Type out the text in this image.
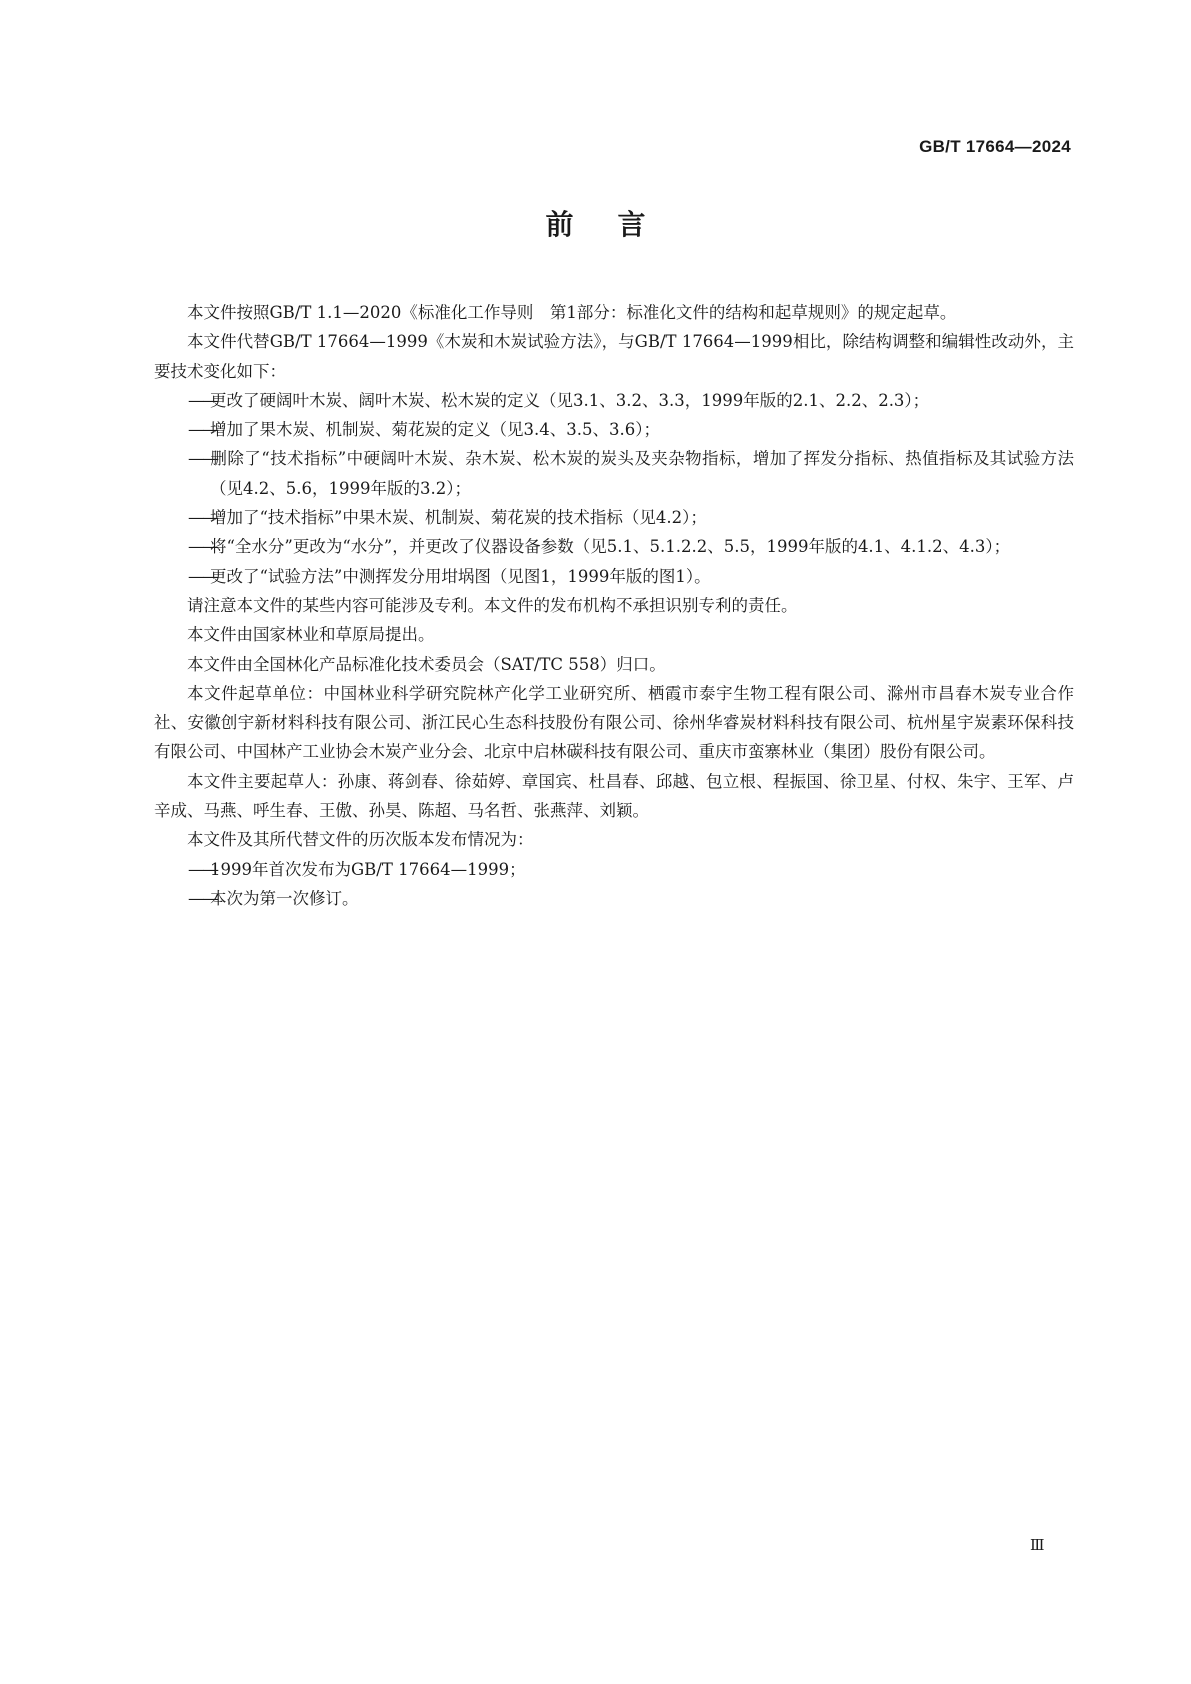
GB/T 17664—2024
前言

本文件按照GB/T 1.1—2020《标准化工作导则　第1部分：标准化文件的结构和起草规则》的规定起草。

本文件代替GB/T 17664—1999《木炭和木炭试验方法》，与GB/T 17664—1999相比，除结构调整和编辑性改动外，主要技术变化如下：

——更改了硬阔叶木炭、阔叶木炭、松木炭的定义（见3.1、3.2、3.3，1999年版的2.1、2.2、2.3）；

——增加了果木炭、机制炭、菊花炭的定义（见3.4、3.5、3.6）；

——删除了“技术指标”中硬阔叶木炭、杂木炭、松木炭的炭头及夹杂物指标，增加了挥发分指标、热值指标及其试验方法（见4.2、5.6，1999年版的3.2）；

——增加了“技术指标”中果木炭、机制炭、菊花炭的技术指标（见4.2）；

——将“全水分”更改为“水分”，并更改了仪器设备参数（见5.1、5.1.2.2、5.5，1999年版的4.1、4.1.2、4.3）；

——更改了“试验方法”中测挥发分用坩埚图（见图1，1999年版的图1）。

请注意本文件的某些内容可能涉及专利。本文件的发布机构不承担识别专利的责任。

本文件由国家林业和草原局提出。

本文件由全国林化产品标准化技术委员会（SAT/TC 558）归口。

本文件起草单位：中国林业科学研究院林产化学工业研究所、栖霞市泰宇生物工程有限公司、滁州市昌春木炭专业合作社、安徽创宇新材料科技有限公司、浙江民心生态科技股份有限公司、徐州华睿炭材料科技有限公司、杭州星宇炭素环保科技有限公司、中国林产工业协会木炭产业分会、北京中启林碳科技有限公司、重庆市蛮寨林业（集团）股份有限公司。

本文件主要起草人：孙康、蒋剑春、徐茹婷、章国宾、杜昌春、邱越、包立根、程振国、徐卫星、付权、朱宇、王军、卢辛成、马燕、呼生春、王傲、孙昊、陈超、马名哲、张燕萍、刘颖。

本文件及其所代替文件的历次版本发布情况为：

——1999年首次发布为GB/T 17664—1999；

——本次为第一次修订。

Ⅲ
